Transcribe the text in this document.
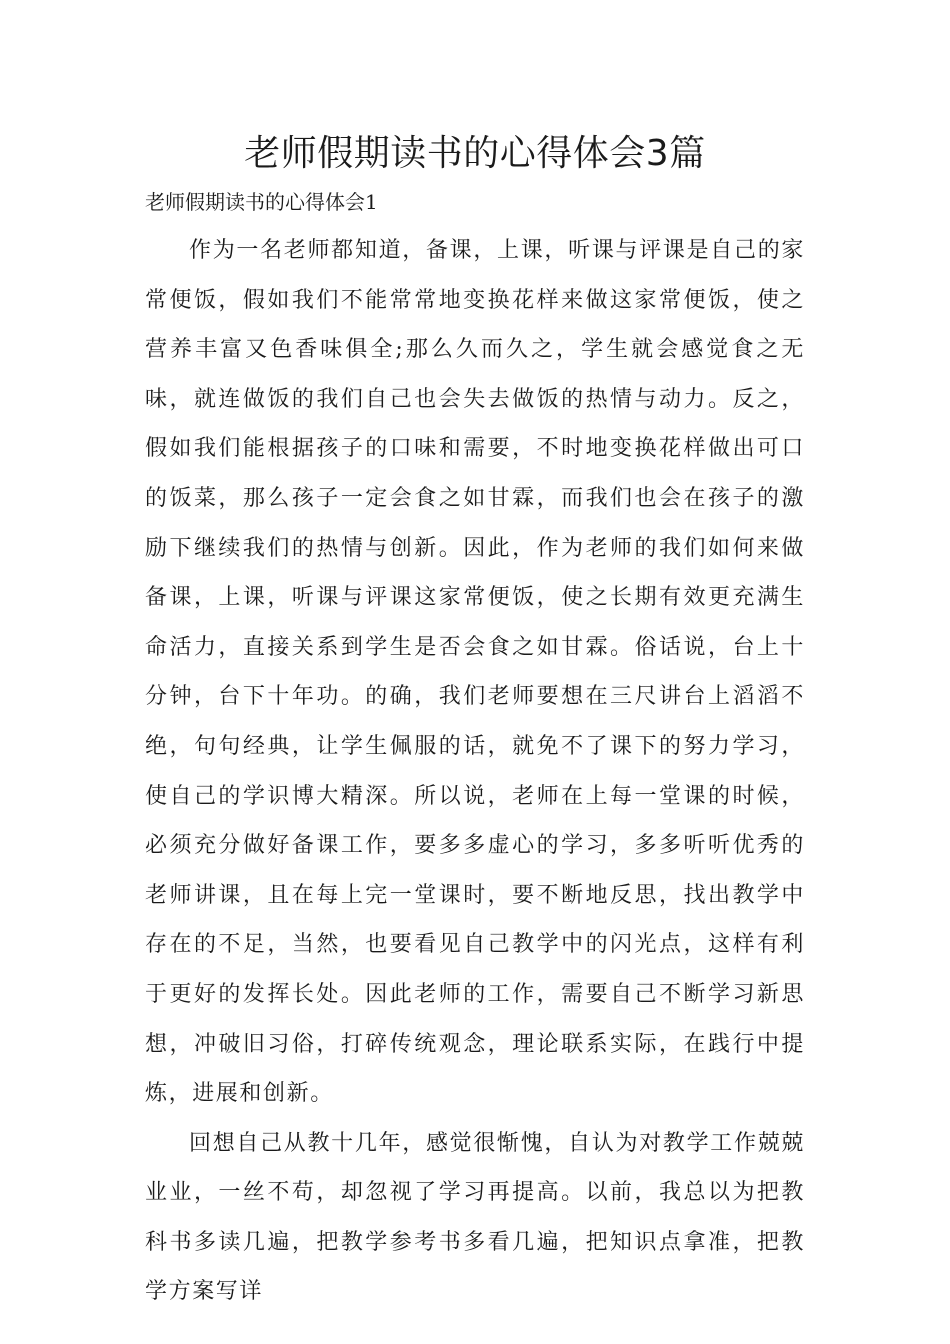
老师假期读书的心得体会3篇
老师假期读书的心得体会1

作为一名老师都知道，备课，上课，听课与评课是自己的家常便饭，假如我们不能常常地变换花样来做这家常便饭，使之营养丰富又色香味俱全;那么久而久之，学生就会感觉食之无味，就连做饭的我们自己也会失去做饭的热情与动力。反之，假如我们能根据孩子的口味和需要，不时地变换花样做出可口的饭菜，那么孩子一定会食之如甘霖，而我们也会在孩子的激励下继续我们的热情与创新。因此，作为老师的我们如何来做备课，上课，听课与评课这家常便饭，使之长期有效更充满生命活力，直接关系到学生是否会食之如甘霖。俗话说，台上十分钟，台下十年功。的确，我们老师要想在三尺讲台上滔滔不绝，句句经典，让学生佩服的话，就免不了课下的努力学习，使自己的学识博大精深。所以说，老师在上每一堂课的时候，必须充分做好备课工作，要多多虚心的学习，多多听听优秀的老师讲课，且在每上完一堂课时，要不断地反思，找出教学中存在的不足，当然，也要看见自己教学中的闪光点，这样有利于更好的发挥长处。因此老师的工作，需要自己不断学习新思想，冲破旧习俗，打碎传统观念，理论联系实际，在践行中提炼，进展和创新。

回想自己从教十几年，感觉很惭愧，自认为对教学工作兢兢业业，一丝不苟，却忽视了学习再提高。以前，我总以为把教科书多读几遍，把教学参考书多看几遍，把知识点拿准，把教学方案写详
